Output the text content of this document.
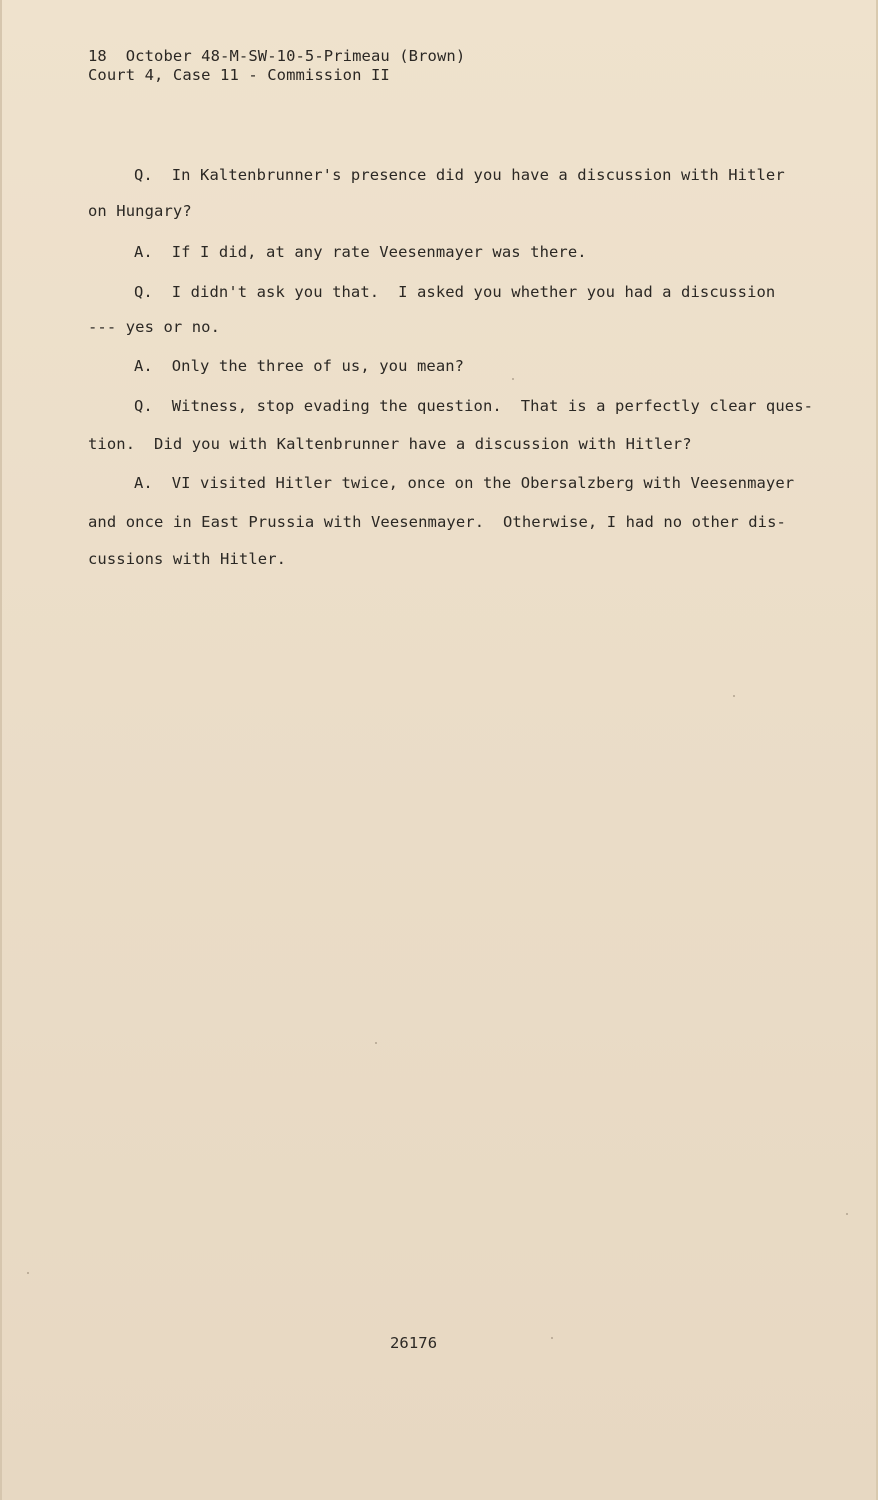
18  October 48-M-SW-10-5-Primeau (Brown)
Court 4, Case 11 - Commission II
Q.  In Kaltenbrunner's presence did you have a discussion with Hitler
on Hungary?
A.  If I did, at any rate Veesenmayer was there.
Q.  I didn't ask you that.  I asked you whether you had a discussion
--- yes or no.
A.  Only the three of us, you mean?
Q.  Witness, stop evading the question.  That is a perfectly clear ques-
tion.  Did you with Kaltenbrunner have a discussion with Hitler?
A.  VI visited Hitler twice, once on the Obersalzberg with Veesenmayer
and once in East Prussia with Veesenmayer.  Otherwise, I had no other dis-
cussions with Hitler.
26176
